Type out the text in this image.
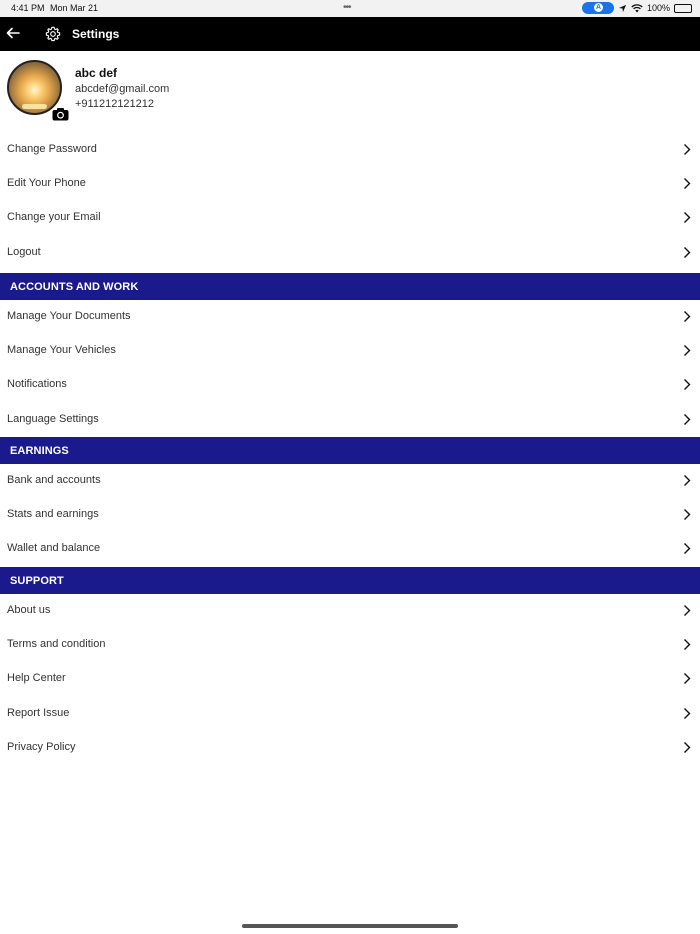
4:41 PM Mon Mar 21	•••
A	100%
Settings
abc def
abcdef@gmail.com
+911212121212
Change Password
Edit Your Phone
Change your Email
Logout
ACCOUNTS AND WORK
Manage Your Documents
Manage Your Vehicles
Notifications
Language Settings
EARNINGS
Bank and accounts
Stats and earnings
Wallet and balance
SUPPORT
About us
Terms and condition
Help Center
Report Issue
Privacy Policy
